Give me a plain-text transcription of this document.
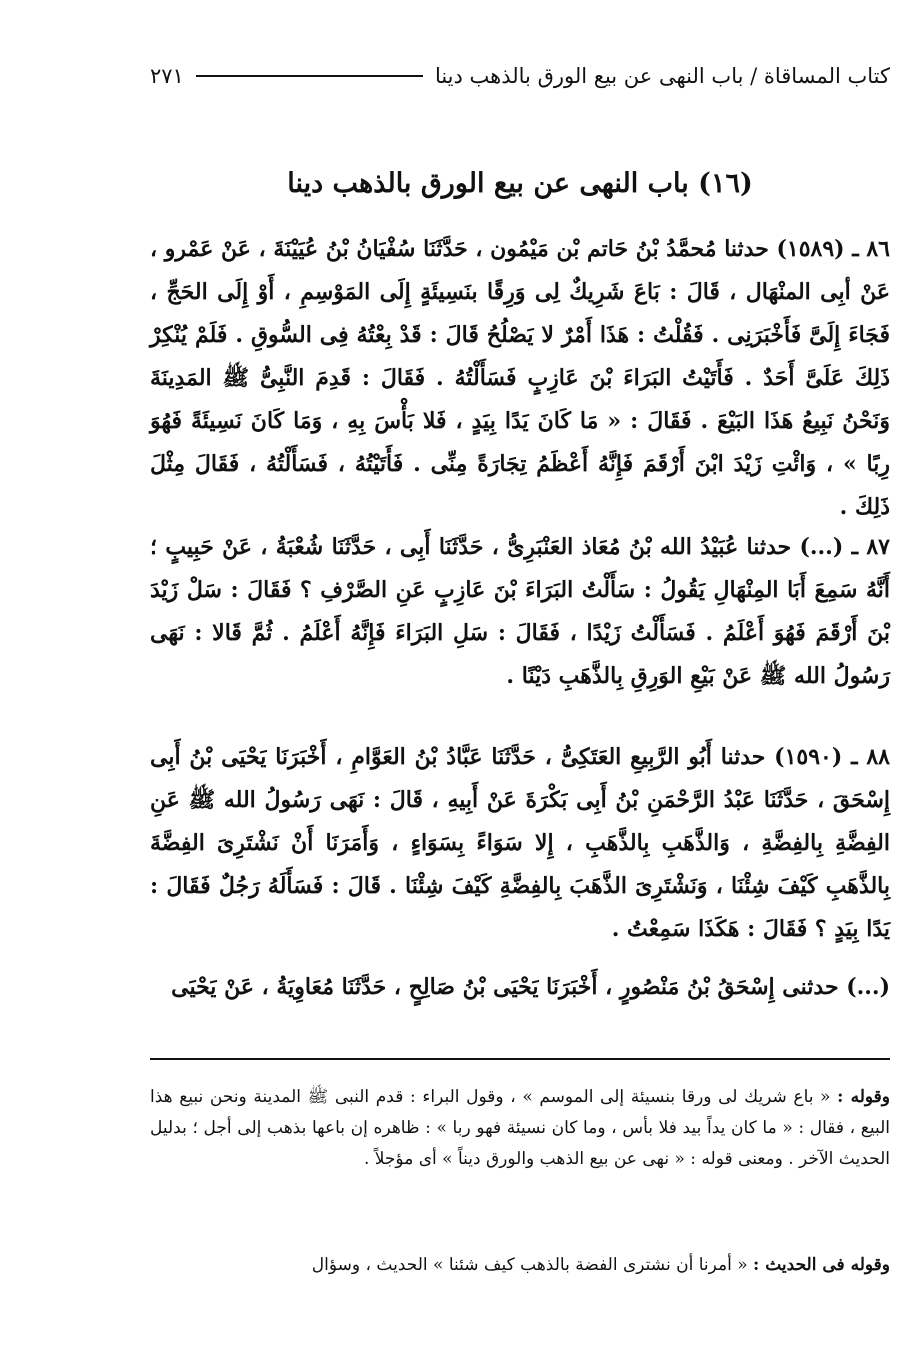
كتاب المساقاة / باب النهى عن بيع الورق بالذهب دينا
٢٧١
(١٦) باب النهى عن بيع الورق بالذهب دينا
٨٦ ـ (١٥٨٩) حدثنا مُحمَّدُ بْنُ حَاتم بْن مَيْمُون ، حَدَّثَنَا سُفْيَانُ بْنُ عُيَيْنَةَ ، عَنْ عَمْرو ، عَنْ أبِى المنْهَال ، قَالَ : بَاعَ شَرِيكٌ لِى وَرِقًا بنَسِيئَةٍ إِلَى المَوْسِمِ ، أَوْ إِلَى الحَجِّ ، فَجَاءَ إِلَىَّ فَأَخْبَرَنِى . فَقُلْتُ : هَذَا أَمْرٌ لا يَصْلُحُ قَالَ : قَدْ بِعْتُهُ فِى السُّوقِ . فَلَمْ يُنْكِرْ ذَلِكَ عَلَىَّ أَحَدٌ . فَأَتَيْتُ البَرَاءَ بْنَ عَازِبٍ فَسَأَلْتُهُ . فَقَالَ : قَدِمَ النَّبِىُّ ﷺ المَدِينَةَ وَنَحْنُ نَبِيعُ هَذَا البَيْعَ . فَقَالَ : « مَا كَانَ يَدًا بِيَدٍ ، فَلا بَأْسَ بِهِ ، وَمَا كَانَ نَسِيئَةً فَهُوَ رِبًا » ، وَائْتِ زَيْدَ ابْنَ أَرْقَمَ فَإِنَّهُ أَعْظَمُ تِجَارَةً مِنِّى . فَأَتَيْتُهُ ، فَسَأَلْتُهُ ، فَقَالَ مِثْلَ ذَلِكَ .
٨٧ ـ (...) حدثنا عُبَيْدُ الله بْنُ مُعَاذ العَنْبَرِىُّ ، حَدَّثَنَا أَبِى ، حَدَّثَنَا شُعْبَةُ ، عَنْ حَبِيبٍ ؛ أَنَّهُ سَمِعَ أَبَا المِنْهَالِ يَقُولُ : سَأَلْتُ البَرَاءَ بْنَ عَازِبٍ عَنِ الصَّرْفِ ؟ فَقَالَ : سَلْ زَيْدَ بْنَ أَرْقَمَ فَهُوَ أَعْلَمُ . فَسَأَلْتُ زَيْدًا ، فَقَالَ : سَلِ البَرَاءَ فَإِنَّهُ أَعْلَمُ . ثُمَّ قَالا : نَهَى رَسُولُ الله ﷺ عَنْ بَيْعِ الوَرِقِ بِالذَّهَبِ دَيْنًا .
٨٨ ـ (١٥٩٠) حدثنا أَبُو الرَّبِيعِ العَتَكِىُّ ، حَدَّثَنَا عَبَّادُ بْنُ العَوَّامِ ، أَخْبَرَنَا يَحْيَى بْنُ أَبِى إِسْحَقَ ، حَدَّثَنَا عَبْدُ الرَّحْمَنِ بْنُ أَبِى بَكْرَةَ عَنْ أَبِيهِ ، قَالَ : نَهَى رَسُولُ الله ﷺ عَنِ الفِضَّةِ بِالفِضَّةِ ، وَالذَّهَبِ بِالذَّهَبِ ، إِلا سَوَاءً بِسَوَاءٍ ، وَأَمَرَنَا أَنْ نَشْتَرِىَ الفِضَّةَ بِالذَّهَبِ كَيْفَ شِئْنَا ، وَنَشْتَرِىَ الذَّهَبَ بِالفِضَّةِ كَيْفَ شِئْنَا . قَالَ : فَسَأَلَهُ رَجُلٌ فَقَالَ : يَدًا بِيَدٍ ؟ فَقَالَ : هَكَذَا سَمِعْتُ .
(...) حدثنى إِسْحَقُ بْنُ مَنْصُورٍ ، أَخْبَرَنَا يَحْيَى بْنُ صَالِحٍ ، حَدَّثَنَا مُعَاوِيَةُ ، عَنْ يَحْيَى
وقوله : « باع شريك لى ورقا بنسيئة إلى الموسم » ، وقول البراء : قدم النبى ﷺ المدينة ونحن نبيع هذا البيع ، فقال : « ما كان يداً بيد فلا بأس ، وما كان نسيئة فهو ربا » : ظاهره إن باعها بذهب إلى أجل ؛ بدليل الحديث الآخر . ومعنى قوله : « نهى عن بيع الذهب والورق ديناً » أى مؤجلاً .
وقوله فى الحديث : « أمرنا أن نشترى الفضة بالذهب كيف شئنا » الحديث ، وسؤال
